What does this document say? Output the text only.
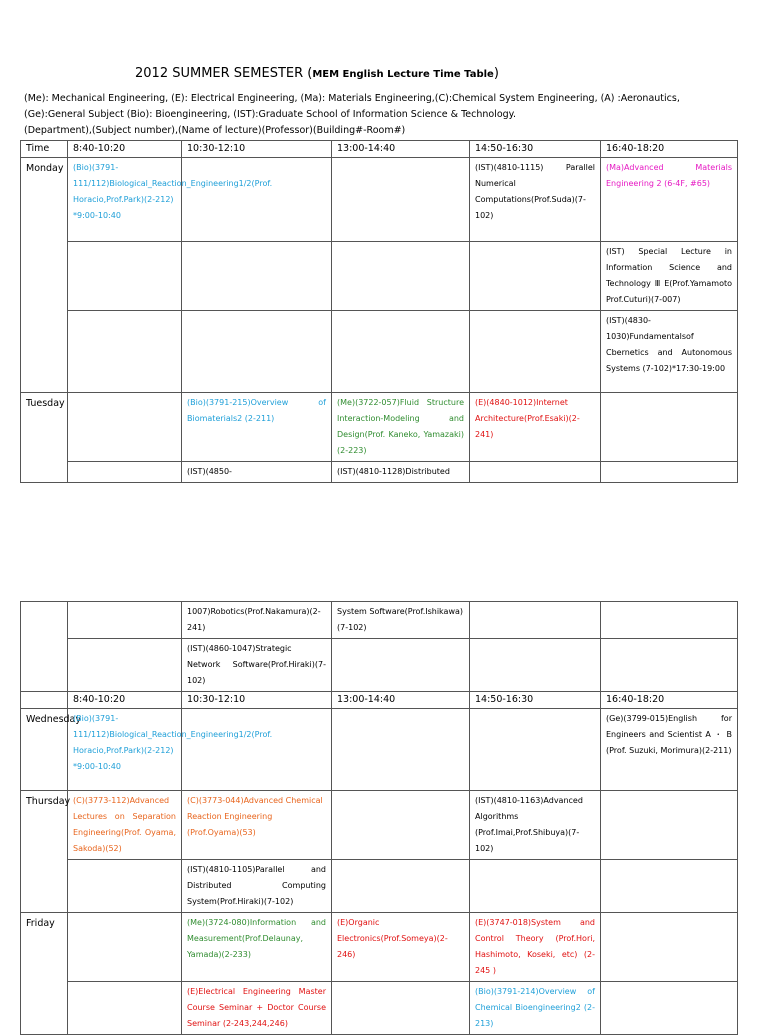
2012 SUMMER SEMESTER (MEM English Lecture Time Table)
(Me): Mechanical Engineering, (E): Electrical Engineering, (Ma): Materials Engineering,(C):Chemical System Engineering, (A) :Aeronautics,
(Ge):General Subject (Bio): Bioengineering, (IST):Graduate School of Information Science & Technology.
(Department),(Subject number),(Name of lecture)(Professor)(Building#-Room#)
Time	8:40-10:20	10:30-12:10	13:00-14:40	14:50-16:30	16:40-18:20
Monday	(Bio)(3791-111/112)Biological_Reaction_Engineering1/2(Prof. Horacio,Prof.Park)(2-212) *9:00-10:40			(IST)(4810-1115) Parallel Numerical Computations(Prof.Suda)(7-102)	(Ma)Advanced Materials Engineering 2 (6-4F, #65)
					(IST) Special Lecture in Information Science and TechnologyⅢE(Prof.Yamamoto Prof.Cuturi)(7-007)
					(IST)(4830-1030)Fundamentalsof Cbernetics and Autonomous Systems (7-102)*17:30-19:00
Tuesday		(Bio)(3791-215)Overview of Biomaterials2 (2-211)	(Me)(3722-057)Fluid Structure Interaction-Modeling and Design(Prof. Kaneko, Yamazaki)(2-223)	(E)(4840-1012)Internet Architecture(Prof.Esaki)(2-241)	
		(IST)(4850-	(IST)(4810-1128)Distributed		
		1007)Robotics(Prof.Nakamura)(2-241)	System Software(Prof.Ishikawa) (7-102)		
		(IST)(4860-1047)Strategic Network Software(Prof.Hiraki)(7-102)			
	8:40-10:20	10:30-12:10	13:00-14:40	14:50-16:30	16:40-18:20
Wednesday	(Bio)(3791-111/112)Biological_Reaction_Engineering1/2(Prof. Horacio,Prof.Park)(2-212) *9:00-10:40				(Ge)(3799-015)English for Engineers and Scientist A ・ B (Prof. Suzuki, Morimura)(2-211)
Thursday	(C)(3773-112)Advanced Lectures on Separation Engineering(Prof. Oyama, Sakoda)(52)	(C)(3773-044)Advanced Chemical Reaction Engineering (Prof.Oyama)(53)		(IST)(4810-1163)Advanced Algorithms (Prof.Imai,Prof.Shibuya)(7-102)	
		(IST)(4810-1105)Parallel and Distributed Computing System(Prof.Hiraki)(7-102)			
Friday		(Me)(3724-080)Information and Measurement(Prof.Delaunay, Yamada)(2-233)	(E)Organic Electronics(Prof.Someya)(2-246)	(E)(3747-018)System and Control Theory (Prof.Hori, Hashimoto, Koseki, etc) (2-245 )	
		(E)Electrical Engineering Master Course Seminar + Doctor Course Seminar (2-243,244,246)		(Bio)(3791-214)Overview of Chemical Bioengineering2 (2-213)	
